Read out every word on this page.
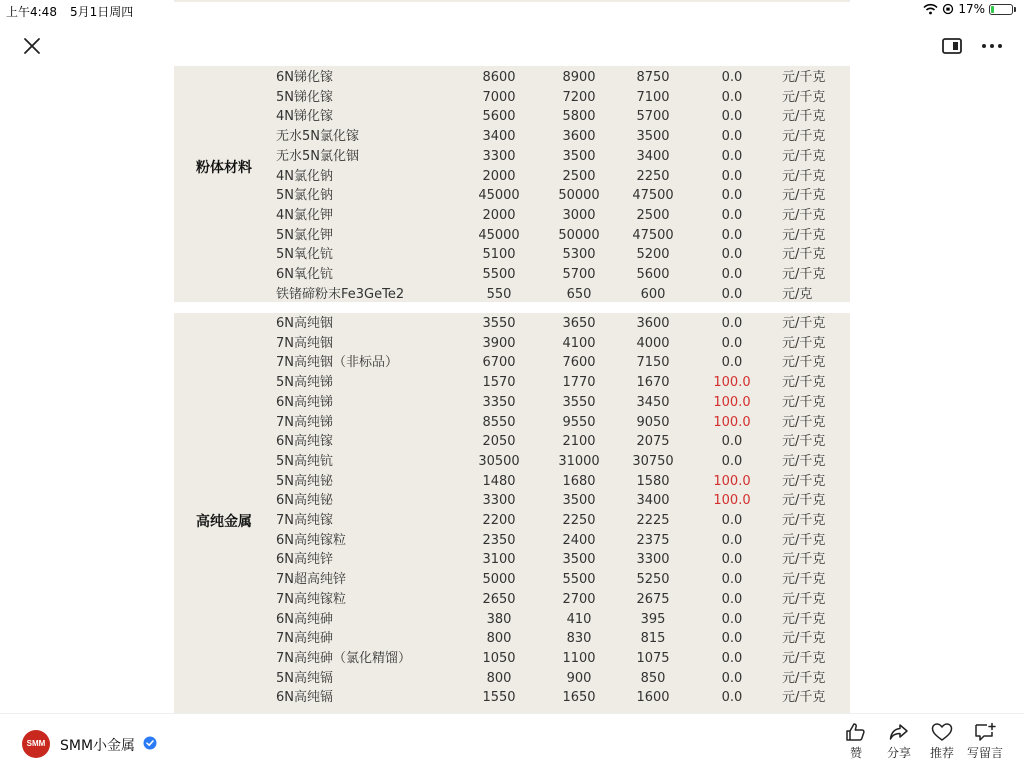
粉体材料
6N锑化镓	8600	8900	8750	0.0	元/千克
5N锑化镓	7000	7200	7100	0.0	元/千克
4N锑化镓	5600	5800	5700	0.0	元/千克
无水5N氯化镓	3400	3600	3500	0.0	元/千克
无水5N氯化铟	3300	3500	3400	0.0	元/千克
4N氯化钠	2000	2500	2250	0.0	元/千克
5N氯化钠	45000	50000	47500	0.0	元/千克
4N氯化钾	2000	3000	2500	0.0	元/千克
5N氯化钾	45000	50000	47500	0.0	元/千克
5N氧化钪	5100	5300	5200	0.0	元/千克
6N氧化钪	5500	5700	5600	0.0	元/千克
铁锗碲粉末Fe3GeTe2	550	650	600	0.0	元/克
高纯金属
6N高纯铟	3550	3650	3600	0.0	元/千克
7N高纯铟	3900	4100	4000	0.0	元/千克
7N高纯铟（非标品）	6700	7600	7150	0.0	元/千克
5N高纯锑	1570	1770	1670	100.0	元/千克
6N高纯锑	3350	3550	3450	100.0	元/千克
7N高纯锑	8550	9550	9050	100.0	元/千克
6N高纯镓	2050	2100	2075	0.0	元/千克
5N高纯钪	30500	31000	30750	0.0	元/千克
5N高纯铋	1480	1680	1580	100.0	元/千克
6N高纯铋	3300	3500	3400	100.0	元/千克
7N高纯镓	2200	2250	2225	0.0	元/千克
6N高纯镓粒	2350	2400	2375	0.0	元/千克
6N高纯锌	3100	3500	3300	0.0	元/千克
7N超高纯锌	5000	5500	5250	0.0	元/千克
7N高纯镓粒	2650	2700	2675	0.0	元/千克
6N高纯砷	380	410	395	0.0	元/千克
7N高纯砷	800	830	815	0.0	元/千克
7N高纯砷（氯化精馏）	1050	1100	1075	0.0	元/千克
5N高纯镉	800	900	850	0.0	元/千克
6N高纯镉	1550	1650	1600	0.0	元/千克
上午4:48 5月1日周四	17%
SMM	SMM小金属	赞	分享	推荐	写留言
